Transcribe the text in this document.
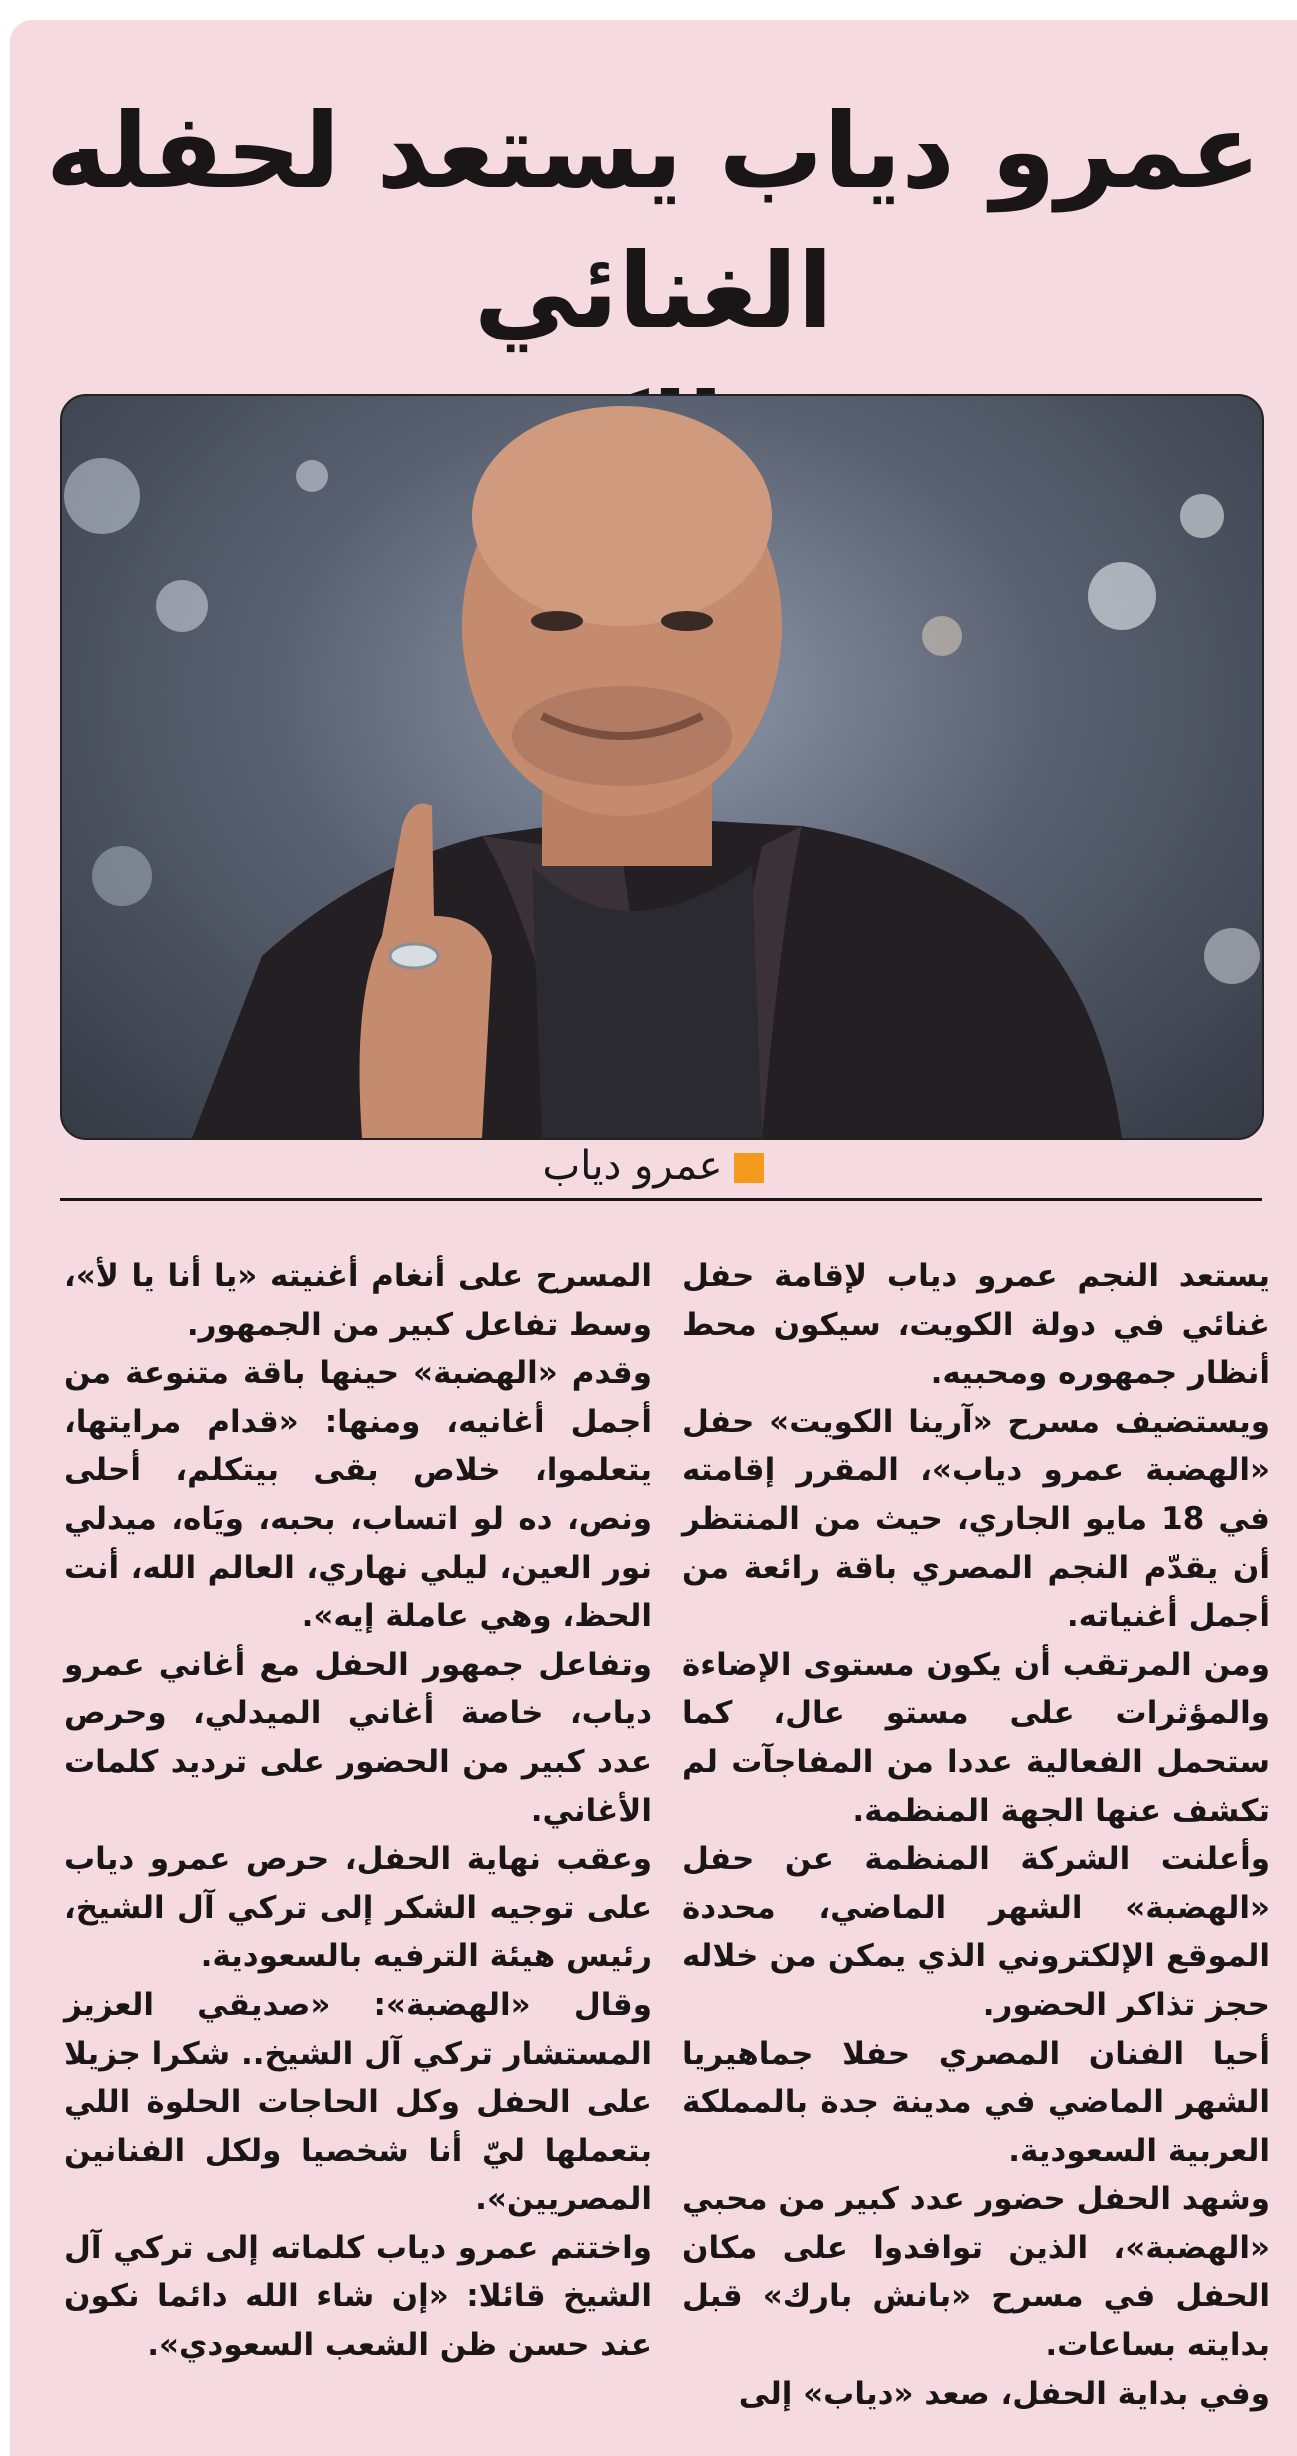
عمرو دياب يستعد لحفله الغنائي
عمرو دياب

يستعد النجم عمرو دياب لإقامة حفل غنائي في دولة الكويت، سيكون محط أنظار جمهوره ومحبيه.

ويستضيف مسرح «آرينا الكويت» حفل «الهضبة عمرو دياب»، المقرر إقامته في 18 مايو الجاري، حيث من المنتظر أن يقدّم النجم المصري باقة رائعة من أجمل أغنياته.

ومن المرتقب أن يكون مستوى الإضاءة والمؤثرات على مستو عال، كما ستحمل الفعالية عددا من المفاجآت لم تكشف عنها الجهة المنظمة.

وأعلنت الشركة المنظمة عن حفل «الهضبة» الشهر الماضي، محددة الموقع الإلكتروني الذي يمكن من خلاله حجز تذاكر الحضور.

أحيا الفنان المصري حفلا جماهيريا الشهر الماضي في مدينة جدة بالمملكة العربية السعودية.

وشهد الحفل حضور عدد كبير من محبي «الهضبة»، الذين توافدوا على مكان الحفل في مسرح «بانش بارك» قبل بدايته بساعات.

وفي بداية الحفل، صعد «دياب» إلى

المسرح على أنغام أغنيته «يا أنا يا لأ»، وسط تفاعل كبير من الجمهور.

وقدم «الهضبة» حينها باقة متنوعة من أجمل أغانيه، ومنها: «قدام مرايتها، يتعلموا، خلاص بقى بيتكلم، أحلى ونص، ده لو اتساب، بحبه، ويَاه، ميدلي نور العين، ليلي نهاري، العالم الله، أنت الحظ، وهي عاملة إيه».

وتفاعل جمهور الحفل مع أغاني عمرو دياب، خاصة أغاني الميدلي، وحرص عدد كبير من الحضور على ترديد كلمات الأغاني.

وعقب نهاية الحفل، حرص عمرو دياب على توجيه الشكر إلى تركي آل الشيخ، رئيس هيئة الترفيه بالسعودية.

وقال «الهضبة»: «صديقي العزيز المستشار تركي آل الشيخ.. شكرا جزيلا على الحفل وكل الحاجات الحلوة اللي بتعملها ليّ أنا شخصيا ولكل الفنانين المصريين».

واختتم عمرو دياب كلماته إلى تركي آل الشيخ قائلا: «إن شاء الله دائما نكون عند حسن ظن الشعب السعودي».
